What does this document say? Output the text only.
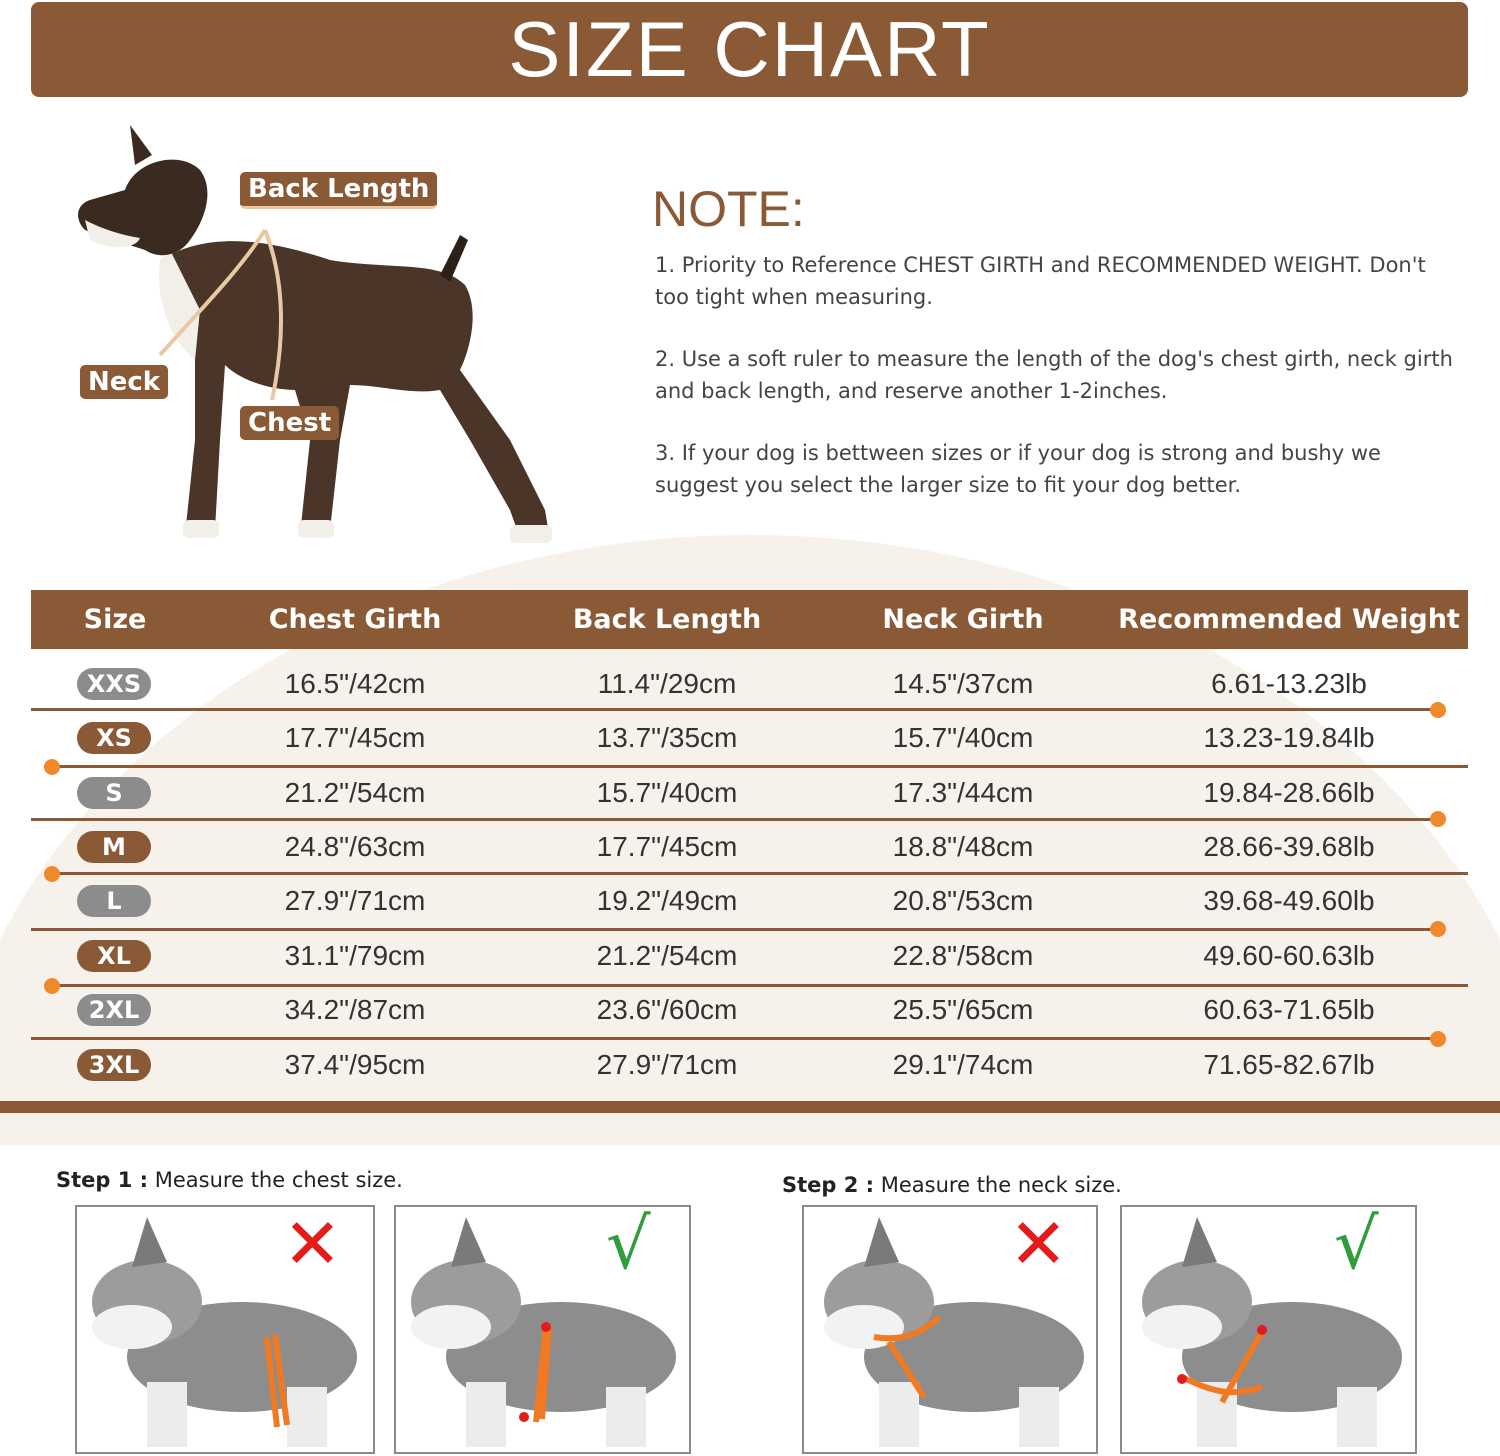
SIZE CHART
Back Length
Neck
Chest
NOTE:
1. Priority to Reference CHEST GIRTH and RECOMMENDED WEIGHT. Don't too tight when measuring.
2. Use a soft ruler to measure the length of the dog's chest girth, neck girth and back length, and reserve another 1-2inches.
3. If your dog is bettween sizes or if your dog is strong and bushy we suggest you select the larger size to fit your dog better.
Size	Chest Girth	Back Length	Neck Girth	Recommended Weight
XXS	16.5"/42cm	11.4"/29cm	14.5"/37cm	6.61-13.23lb
XS	17.7"/45cm	13.7"/35cm	15.7"/40cm	13.23-19.84lb
S	21.2"/54cm	15.7"/40cm	17.3"/44cm	19.84-28.66lb
M	24.8"/63cm	17.7"/45cm	18.8"/48cm	28.66-39.68lb
L	27.9"/71cm	19.2"/49cm	20.8"/53cm	39.68-49.60lb
XL	31.1"/79cm	21.2"/54cm	22.8"/58cm	49.60-60.63lb
2XL	34.2"/87cm	23.6"/60cm	25.5"/65cm	60.63-71.65lb
3XL	37.4"/95cm	27.9"/71cm	29.1"/74cm	71.65-82.67lb
Step 1 : Measure the chest size.	Step 2 : Measure the neck size.
✕	√	✕	√
